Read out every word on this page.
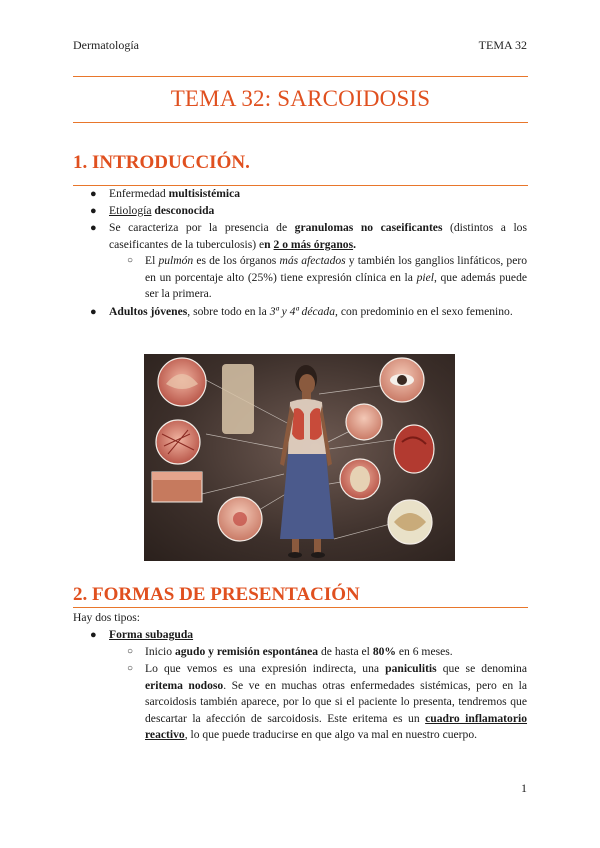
Dermatología	TEMA 32
TEMA 32: SARCOIDOSIS
1. INTRODUCCIÓN.
● Enfermedad multisistémica
● Etiología desconocida
● Se caracteriza por la presencia de granulomas no caseificantes (distintos a los caseificantes de la tuberculosis) en 2 o más órganos.
○ El pulmón es de los órganos más afectados y también los ganglios linfáticos, pero en un porcentaje alto (25%) tiene expresión clínica en la piel, que además puede ser la primera.
● Adultos jóvenes, sobre todo en la 3ª y 4ª década, con predominio en el sexo femenino.
2. FORMAS DE PRESENTACIÓN
Hay dos tipos:
● Forma subaguda
○ Inicio agudo y remisión espontánea de hasta el 80% en 6 meses.
○ Lo que vemos es una expresión indirecta, una paniculitis que se denomina eritema nodoso. Se ve en muchas otras enfermedades sistémicas, pero en la sarcoidosis también aparece, por lo que si el paciente lo presenta, tendremos que descartar la afección de sarcoidosis. Este eritema es un cuadro inflamatorio reactivo, lo que puede traducirse en que algo va mal en nuestro cuerpo.
1
